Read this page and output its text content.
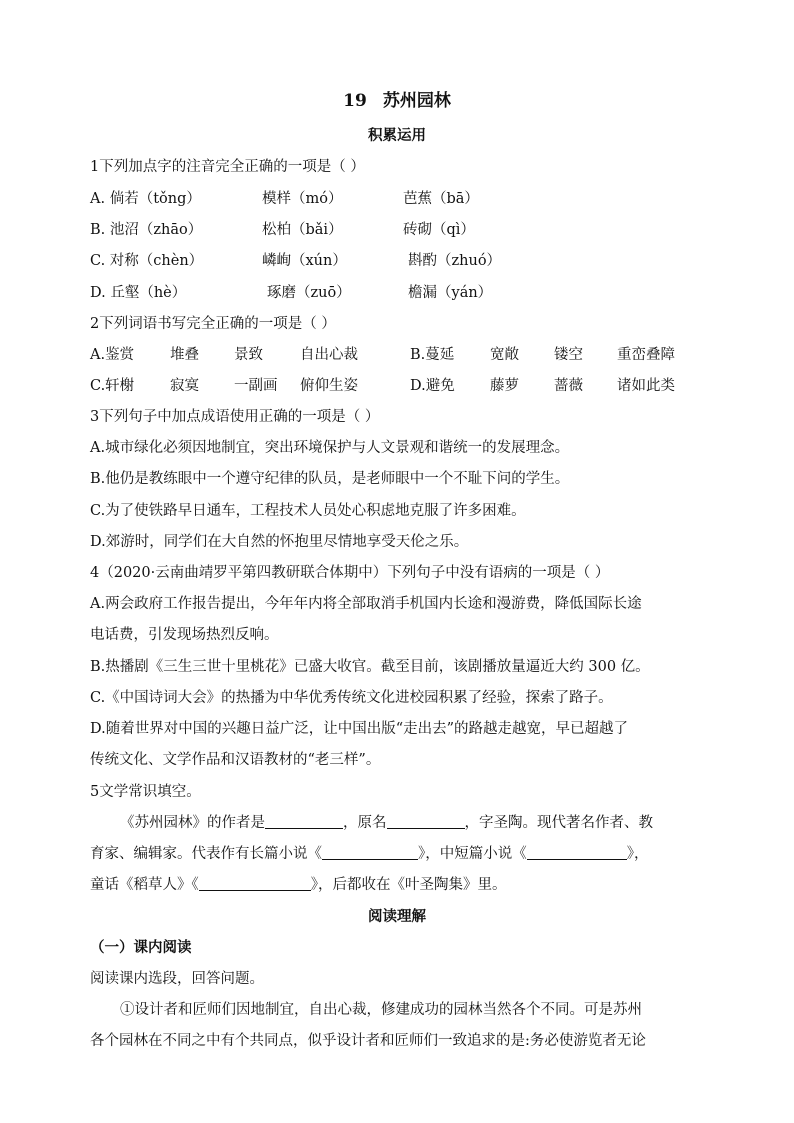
19 苏州园林
积累运用
1下列加点字的注音完全正确的一项是（ ）
A. 倘若（tǒng）	模样（mó）	芭蕉（bā）
B. 池沼（zhāo）	松柏（bǎi）	砖砌（qì）
C. 对称（chèn）	嶙峋（xún）	斟酌（zhuó）
D. 丘壑（hè）	琢磨（zuō）	檐漏（yán）
2下列词语书写完全正确的一项是（ ）
A.鉴赏 堆叠 景致	自出心裁	B.蔓延 宽敞 镂空 重峦叠障
C.轩榭 寂寞 一副画 俯仰生姿	D.避免 藤萝 蔷薇 诸如此类
3下列句子中加点成语使用正确的一项是（ ）
A.城市绿化必须因地制宜，突出环境保护与人文景观和谐统一的发展理念。
B.他仍是教练眼中一个遵守纪律的队员，是老师眼中一个不耻下问的学生。
C.为了使铁路早日通车，工程技术人员处心积虑地克服了许多困难。
D.郊游时，同学们在大自然的怀抱里尽情地享受天伦之乐。
4（2020·云南曲靖罗平第四教研联合体期中）下列句子中没有语病的一项是（ ）
A.两会政府工作报告提出，今年年内将全部取消手机国内长途和漫游费，降低国际长途
电话费，引发现场热烈反响。
B.热播剧《三生三世十里桃花》已盛大收官。截至目前，该剧播放量逼近大约 300 亿。
C.《中国诗词大会》的热播为中华优秀传统文化进校园积累了经验，探索了路子。
D.随着世界对中国的兴趣日益广泛，让中国出版“走出去”的路越走越宽，早已超越了
传统文化、文学作品和汉语教材的“老三样”。
5文学常识填空。
《苏州园林》的作者是	，原名	，字圣陶。现代著名作者、教
育家、编辑家。代表作有长篇小说《	》，中短篇小说《	》，
童话《稻草人》《	》，后都收在《叶圣陶集》里。
阅读理解
（一）课内阅读
阅读课内选段，回答问题。
①设计者和匠师们因地制宜，自出心裁，修建成功的园林当然各个不同。可是苏州
各个园林在不同之中有个共同点，似乎设计者和匠师们一致追求的是:务必使游览者无论
